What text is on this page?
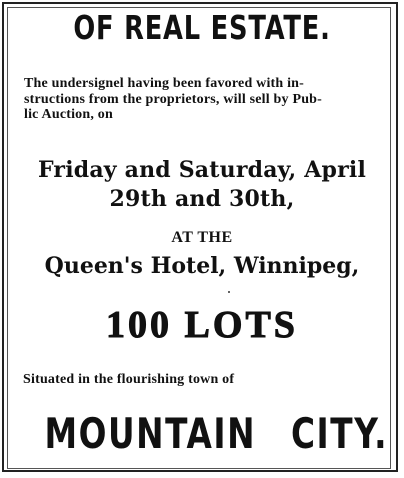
OF REAL ESTATE.
The undersignel having been favored with in-
structions from the proprietors, will sell by Pub-
lic Auction, on
Friday and Saturday, April
29th and 30th,
AT THE
Queen's Hotel, Winnipeg,
100 LOTS
Situated in the flourishing town of
MOUNTAIN CITY.
